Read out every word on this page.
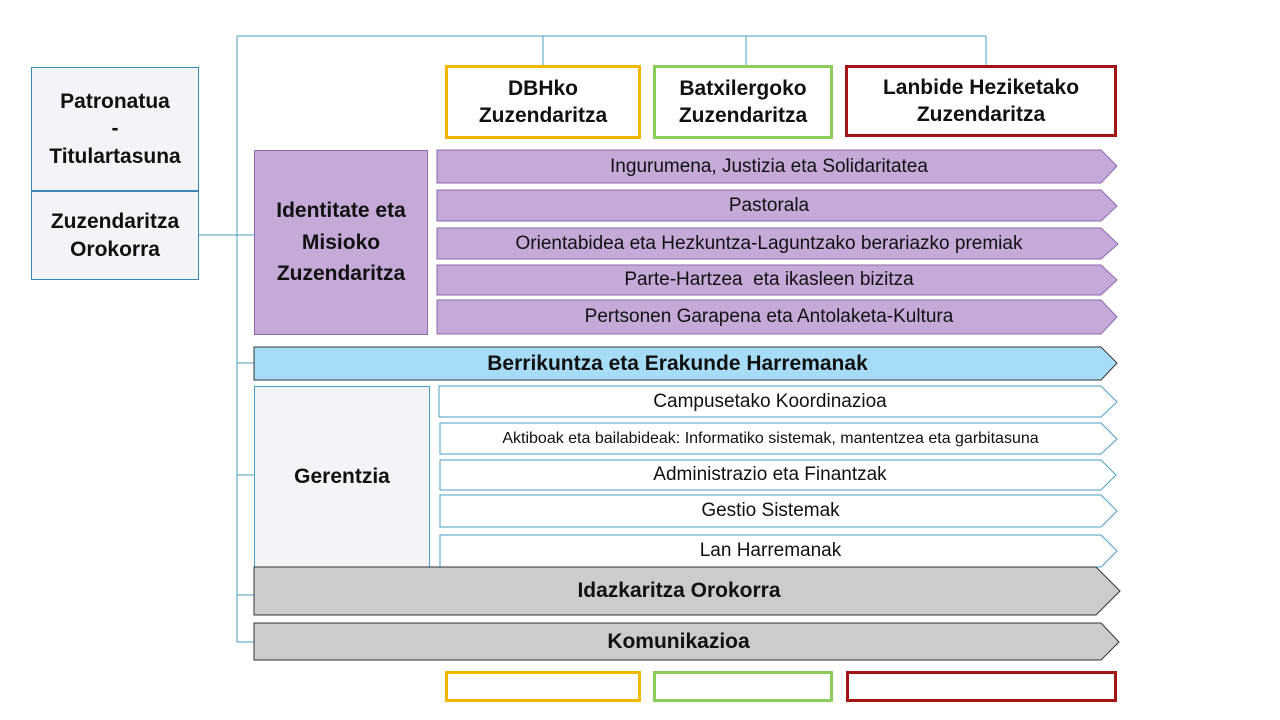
Patronatua
-
Titulartasuna
Zuzendaritza
Orokorra
DBHko
Zuzendaritza
Batxilergoko
Zuzendaritza
Lanbide Heziketako
Zuzendaritza
Identitate eta
Misioko
Zuzendaritza
Gerentzia
Ingurumena, Justizia eta Solidaritatea
Pastorala
Orientabidea eta Hezkuntza-Laguntzako berariazko premiak
Parte-Hartzea  eta ikasleen bizitza
Pertsonen Garapena eta Antolaketa-Kultura
Berrikuntza eta Erakunde Harremanak
Campusetako Koordinazioa
Aktiboak eta bailabideak: Informatiko sistemak, mantentzea eta garbitasuna
Administrazio eta Finantzak
Gestio Sistemak
Lan Harremanak
Idazkaritza Orokorra
Komunikazioa
